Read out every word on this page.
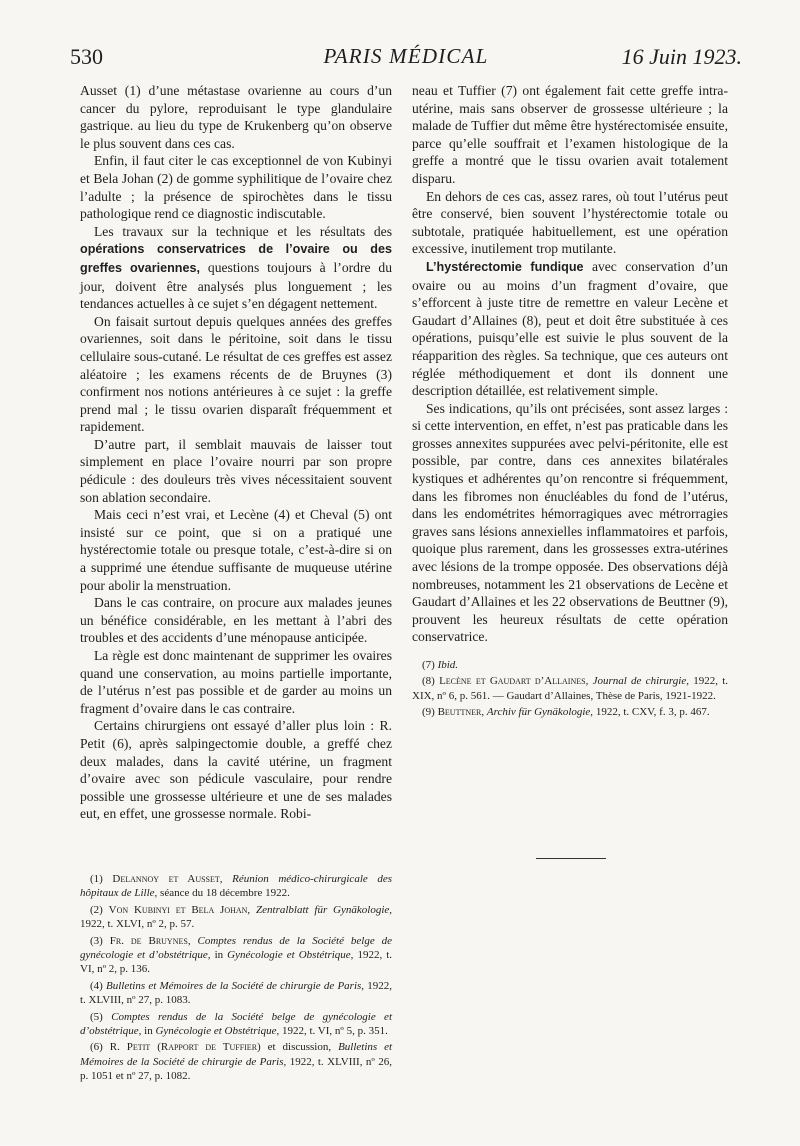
530	PARIS MÉDICAL	16 Juin 1923.

Ausset (1) d’une métastase ovarienne au cours d’un cancer du pylore, reproduisant le type glandulaire gastrique. au lieu du type de Krukenberg qu’on observe le plus souvent dans ces cas.

Enfin, il faut citer le cas exceptionnel de von Kubinyi et Bela Johan (2) de gomme syphilitique de l’ovaire chez l’adulte ; la présence de spirochètes dans le tissu pathologique rend ce diagnostic indiscutable.

Les travaux sur la technique et les résultats des opérations conservatrices de l’ovaire ou des greffes ovariennes, questions toujours à l’ordre du jour, doivent être analysés plus longuement ; les tendances actuelles à ce sujet s’en dégagent nettement.

On faisait surtout depuis quelques années des greffes ovariennes, soit dans le péritoine, soit dans le tissu cellulaire sous-cutané. Le résultat de ces greffes est assez aléatoire ; les examens récents de de Bruynes (3) confirment nos notions antérieures à ce sujet : la greffe prend mal ; le tissu ovarien disparaît fréquemment et rapidement.

D’autre part, il semblait mauvais de laisser tout simplement en place l’ovaire nourri par son propre pédicule : des douleurs très vives nécessitaient souvent son ablation secondaire.

Mais ceci n’est vrai, et Lecène (4) et Cheval (5) ont insisté sur ce point, que si on a pratiqué une hystérectomie totale ou presque totale, c’est-à-dire si on a supprimé une étendue suffisante de muqueuse utérine pour abolir la menstruation.

Dans le cas contraire, on procure aux malades jeunes un bénéfice considérable, en les mettant à l’abri des troubles et des accidents d’une ménopause anticipée.

La règle est donc maintenant de supprimer les ovaires quand une conservation, au moins partielle importante, de l’utérus n’est pas possible et de garder au moins un fragment d’ovaire dans le cas contraire.

Certains chirurgiens ont essayé d’aller plus loin : R. Petit (6), après salpingectomie double, a greffé chez deux malades, dans la cavité utérine, un fragment d’ovaire avec son pédicule vasculaire, pour rendre possible une grossesse ultérieure et une de ses malades eut, en effet, une grossesse normale. Robi-

(1) Delannoy et Ausset, Réunion médico-chirurgicale des hôpitaux de Lille, séance du 18 décembre 1922.

(2) Von Kubinyi et Bela Johan, Zentralblatt für Gynäkologie, 1922, t. XLVI, nº 2, p. 57.

(3) Fr. de Bruynes, Comptes rendus de la Société belge de gynécologie et d’obstétrique, in Gynécologie et Obstétrique, 1922, t. VI, nº 2, p. 136.

(4) Bulletins et Mémoires de la Société de chirurgie de Paris, 1922, t. XLVIII, nº 27, p. 1083.

(5) Comptes rendus de la Société belge de gynécologie et d’obstétrique, in Gynécologie et Obstétrique, 1922, t. VI, nº 5, p. 351.

(6) R. Petit (Rapport de Tuffier) et discussion, Bulletins et Mémoires de la Société de chirurgie de Paris, 1922, t. XLVIII, nº 26, p. 1051 et nº 27, p. 1082.

neau et Tuffier (7) ont également fait cette greffe intra-utérine, mais sans observer de grossesse ultérieure ; la malade de Tuffier dut même être hystérectomisée ensuite, parce qu’elle souffrait et l’examen histologique de la greffe a montré que le tissu ovarien avait totalement disparu.

En dehors de ces cas, assez rares, où tout l’utérus peut être conservé, bien souvent l’hystérectomie totale ou subtotale, pratiquée habituellement, est une opération excessive, inutilement trop mutilante.

L’hystérectomie fundique avec conservation d’un ovaire ou au moins d’un fragment d’ovaire, que s’efforcent à juste titre de remettre en valeur Lecène et Gaudart d’Allaines (8), peut et doit être substituée à ces opérations, puisqu’elle est suivie le plus souvent de la réapparition des règles. Sa technique, que ces auteurs ont réglée méthodiquement et dont ils donnent une description détaillée, est relativement simple.

Ses indications, qu’ils ont précisées, sont assez larges : si cette intervention, en effet, n’est pas praticable dans les grosses annexites suppurées avec pelvi-péritonite, elle est possible, par contre, dans ces annexites bilatérales kystiques et adhérentes qu’on rencontre si fréquemment, dans les fibromes non énucléables du fond de l’utérus, dans les endométrites hémorragiques avec métrorragies graves sans lésions annexielles inflammatoires et parfois, quoique plus rarement, dans les grossesses extra-utérines avec lésions de la trompe opposée. Des observations déjà nombreuses, notamment les 21 observations de Lecène et Gaudart d’Allaines et les 22 observations de Beuttner (9), prouvent les heureux résultats de cette opération conservatrice.

(7) Ibid.

(8) Lecène et Gaudart d’Allaines, Journal de chirurgie, 1922, t. XIX, nº 6, p. 561. — Gaudart d’Allaines, Thèse de Paris, 1921-1922.

(9) Beuttner, Archiv für Gynäkologie, 1922, t. CXV, f. 3, p. 467.
